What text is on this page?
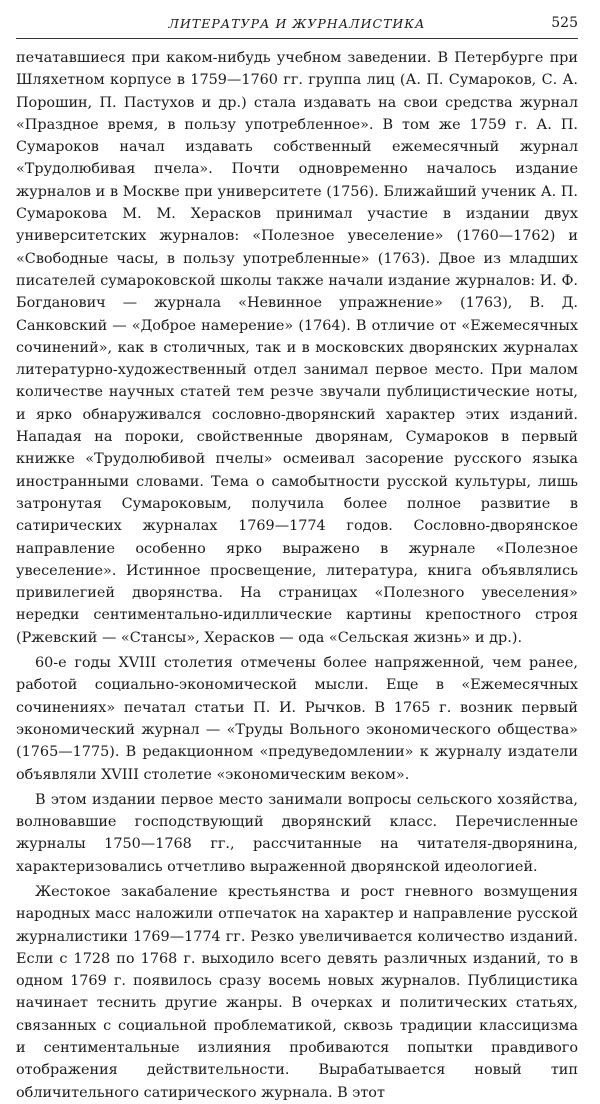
ЛИТЕРАТУРА И ЖУРНАЛИСТИКА	525

печатавшиеся при каком-нибудь учебном заведении. В Петербурге при Шляхетном корпусе в 1759—1760 гг. группа лиц (А. П. Сумароков, С. А. Порошин, П. Пастухов и др.) стала издавать на свои средства журнал «Праздное время, в пользу употребленное». В том же 1759 г. А. П. Сумароков начал издавать собственный ежемесячный журнал «Трудолюбивая пчела». Почти одновременно началось издание журналов и в Москве при университете (1756). Ближайший ученик А. П. Сумарокова М. М. Херасков принимал участие в издании двух университетских журналов: «Полезное увеселение» (1760—1762) и «Свободные часы, в пользу употребленные» (1763). Двое из младших писателей сумароковской школы также начали издание журналов: И. Ф. Богданович — журнала «Невинное упражнение» (1763), В. Д. Санковский — «Доброе намерение» (1764). В отличие от «Ежемесячных сочинений», как в столичных, так и в московских дворянских журналах литературно-художественный отдел занимал первое место. При малом количестве научных статей тем резче звучали публицистические ноты, и ярко обнаруживался сословно-дворянский характер этих изданий. Нападая на пороки, свойственные дворянам, Сумароков в первый книжке «Трудолюбивой пчелы» осмеивал засорение русского языка иностранными словами. Тема о самобытности русской культуры, лишь затронутая Сумароковым, получила более полное развитие в сатирических журналах 1769—1774 годов. Сословно-дворянское направление особенно ярко выражено в журнале «Полезное увеселение». Истинное просвещение, литература, книга объявлялись привилегией дворянства. На страницах «Полезного увеселения» нередки сентиментально-идиллические картины крепостного строя (Ржевский — «Стансы», Херасков — ода «Сельская жизнь» и др.).

60-е годы XVIII столетия отмечены более напряженной, чем ранее, работой социально-экономической мысли. Еще в «Ежемесячных сочинениях» печатал статьи П. И. Рычков. В 1765 г. возник первый экономический журнал — «Труды Вольного экономического общества» (1765—1775). В редакционном «предуведомлении» к журналу издатели объявляли XVIII столетие «экономическим веком».

В этом издании первое место занимали вопросы сельского хозяйства, волновавшие господствующий дворянский класс. Перечисленные журналы 1750—1768 гг., рассчитанные на читателя-дворянина, характеризовались отчетливо выраженной дворянской идеологией.

Жестокое закабаление крестьянства и рост гневного возмущения народных масс наложили отпечаток на характер и направление русской журналистики 1769—1774 гг. Резко увеличивается количество изданий. Если с 1728 по 1768 г. выходило всего девять различных изданий, то в одном 1769 г. появилось сразу восемь новых журналов. Публицистика начинает теснить другие жанры. В очерках и политических статьях, связанных с социальной проблематикой, сквозь традиции классицизма и сентиментальные излияния пробиваются попытки правдивого отображения действительности. Вырабатывается новый тип обличительного сатирического журнала. В этот
